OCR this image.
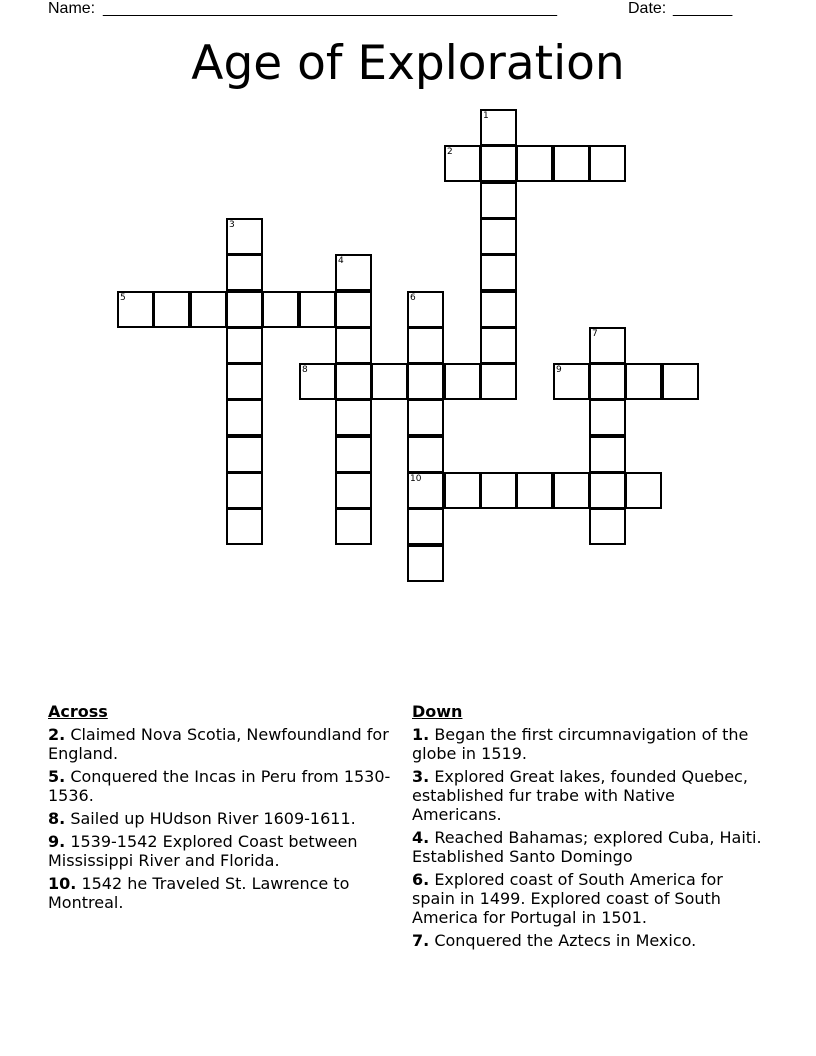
Name: ______________________________________________________	Date: _______
Age of Exploration
1
2
3
4
5	6
10
7
8	9
Across
2. Claimed Nova Scotia, Newfoundland for England.
5. Conquered the Incas in Peru from 1530-1536.
8. Sailed up HUdson River 1609-1611.
9. 1539-1542 Explored Coast between Mississippi River and Florida.
10. 1542 he Traveled St. Lawrence to Montreal.
Down
1. Began the first circumnavigation of the globe in 1519.
3. Explored Great lakes, founded Quebec, established fur trabe with Native Americans.
4. Reached Bahamas; explored Cuba, Haiti. Established Santo Domingo
6. Explored coast of South America for spain in 1499. Explored coast of South America for Portugal in 1501.
7. Conquered the Aztecs in Mexico.
